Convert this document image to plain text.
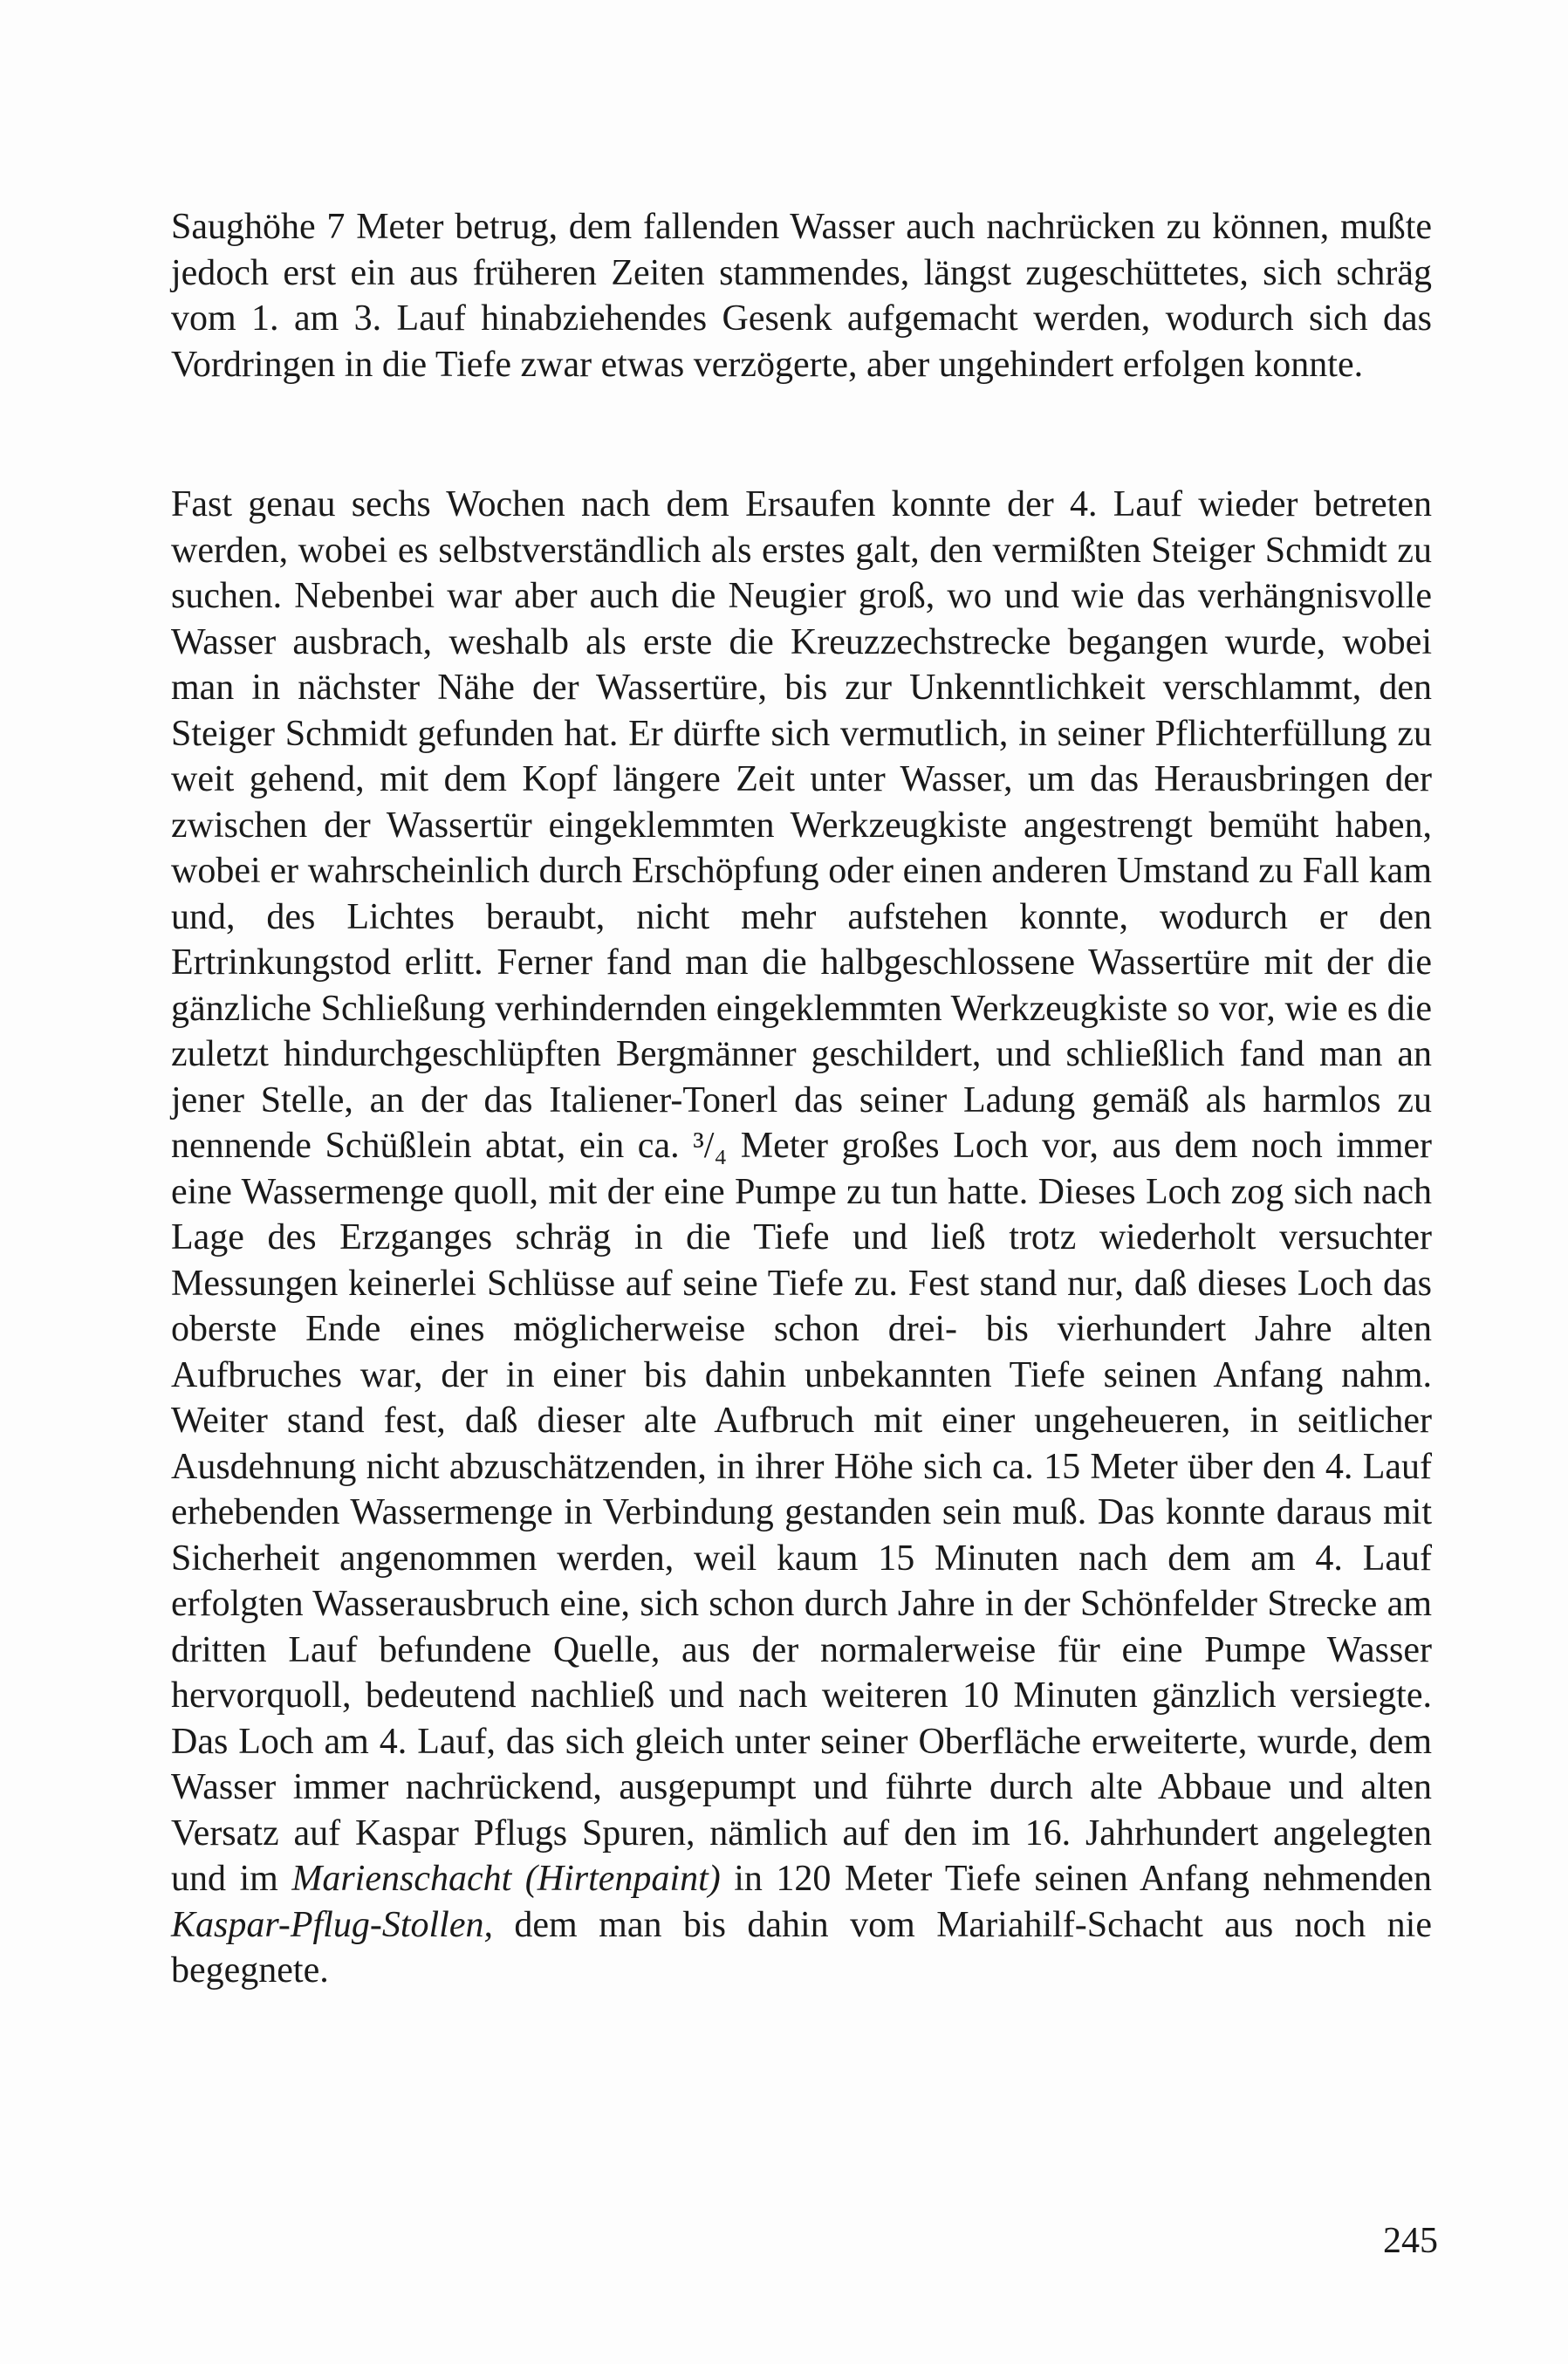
Saughöhe 7 Meter betrug, dem fallenden Wasser auch nachrücken zu können, mußte jedoch erst ein aus früheren Zeiten stammendes, längst zugeschüttetes, sich schräg vom 1. am 3. Lauf hinabziehendes Gesenk aufgemacht werden, wodurch sich das Vordringen in die Tiefe zwar etwas verzögerte, aber ungehindert erfolgen konnte.

Fast genau sechs Wochen nach dem Ersaufen konnte der 4. Lauf wieder betreten werden, wobei es selbstverständlich als erstes galt, den vermißten Steiger Schmidt zu suchen. Nebenbei war aber auch die Neugier groß, wo und wie das verhängnisvolle Wasser ausbrach, weshalb als erste die Kreuzzechstrecke begangen wurde, wobei man in nächster Nähe der Wassertüre, bis zur Unkenntlichkeit verschlammt, den Steiger Schmidt gefunden hat. Er dürfte sich vermutlich, in seiner Pflichterfüllung zu weit gehend, mit dem Kopf längere Zeit unter Wasser, um das Herausbringen der zwischen der Wassertür eingeklemmten Werkzeugkiste angestrengt bemüht haben, wobei er wahrscheinlich durch Erschöpfung oder einen anderen Umstand zu Fall kam und, des Lichtes beraubt, nicht mehr aufstehen konnte, wodurch er den Ertrinkungstod erlitt. Ferner fand man die halbgeschlossene Wassertüre mit der die gänzliche Schließung verhindernden eingeklemmten Werkzeugkiste so vor, wie es die zuletzt hindurchgeschlüpften Bergmänner geschildert, und schließlich fand man an jener Stelle, an der das Italiener-Tonerl das seiner Ladung gemäß als harmlos zu nennende Schüßlein abtat, ein ca. ³/₄ Meter großes Loch vor, aus dem noch immer eine Wassermenge quoll, mit der eine Pumpe zu tun hatte. Dieses Loch zog sich nach Lage des Erzganges schräg in die Tiefe und ließ trotz wiederholt versuchter Messungen keinerlei Schlüsse auf seine Tiefe zu. Fest stand nur, daß dieses Loch das oberste Ende eines möglicherweise schon drei- bis vierhundert Jahre alten Aufbruches war, der in einer bis dahin unbekannten Tiefe seinen Anfang nahm. Weiter stand fest, daß dieser alte Aufbruch mit einer ungeheueren, in seitlicher Ausdehnung nicht abzuschätzenden, in ihrer Höhe sich ca. 15 Meter über den 4. Lauf erhebenden Wassermenge in Verbindung gestanden sein muß. Das konnte daraus mit Sicherheit angenommen werden, weil kaum 15 Minuten nach dem am 4. Lauf erfolgten Wasserausbruch eine, sich schon durch Jahre in der Schönfelder Strecke am dritten Lauf befundene Quelle, aus der normalerweise für eine Pumpe Wasser hervorquoll, bedeutend nachließ und nach weiteren 10 Minuten gänzlich versiegte. Das Loch am 4. Lauf, das sich gleich unter seiner Oberfläche erweiterte, wurde, dem Wasser immer nachrückend, ausgepumpt und führte durch alte Abbaue und alten Versatz auf Kaspar Pflugs Spuren, nämlich auf den im 16. Jahrhundert angelegten und im Marienschacht (Hirtenpaint) in 120 Meter Tiefe seinen Anfang nehmenden Kaspar-Pflug-Stollen, dem man bis dahin vom Mariahilf-Schacht aus noch nie begegnete.

245
